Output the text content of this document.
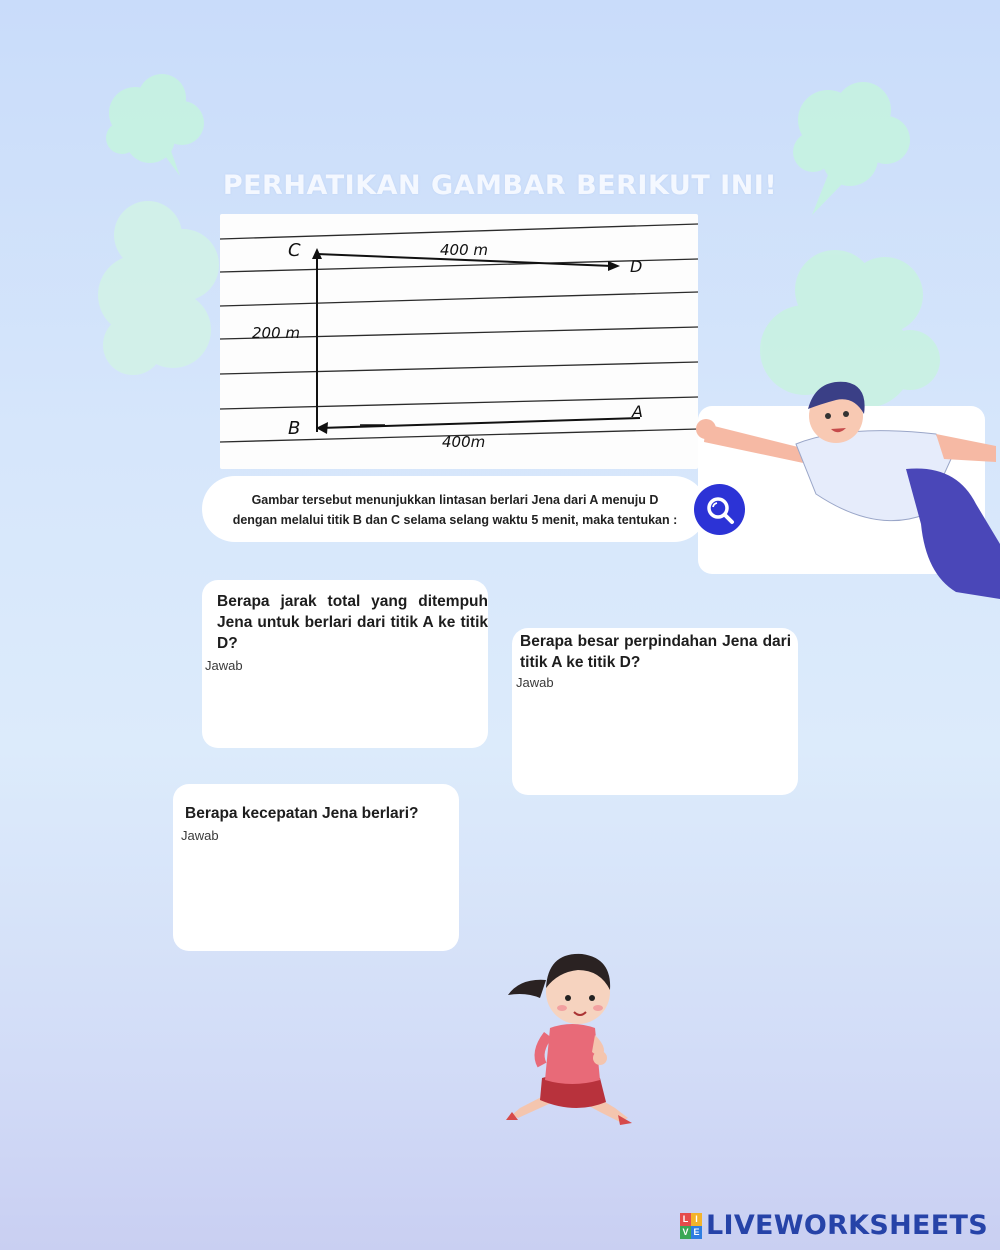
PERHATIKAN GAMBAR BERIKUT INI!
C
D
B
A
400 m
200 m
400m
Gambar tersebut menunjukkan lintasan berlari Jena dari A menuju D
dengan melalui titik B dan C selama selang waktu 5 menit, maka tentukan :
Berapa jarak total yang ditempuh
Jena untuk berlari dari titik A ke titik
D?
Jawab
Berapa besar perpindahan Jena dari
titik A ke titik D?
Jawab
Berapa kecepatan Jena berlari?
Jawab
L I
V E LIVEWORKSHEETS
